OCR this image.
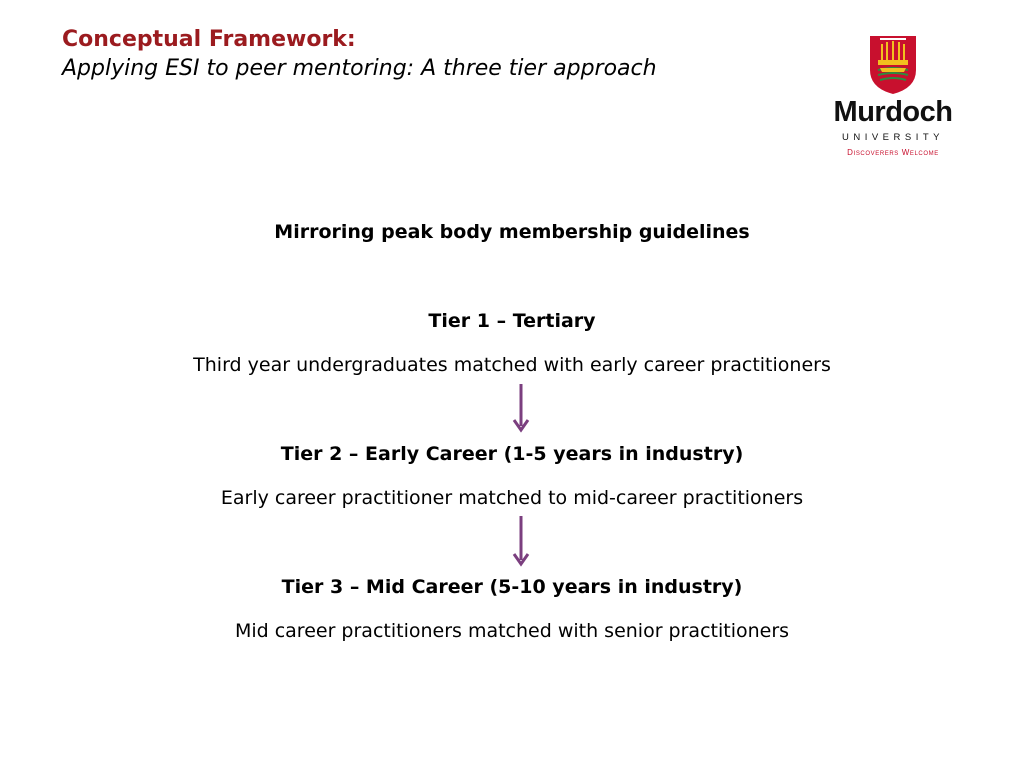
Conceptual Framework:
Applying ESI to peer mentoring: A three tier approach
Murdoch
UNIVERSITY
Discoverers Welcome
Mirroring peak body membership guidelines
Tier 1 – Tertiary
Third year undergraduates matched with early career practitioners
Tier 2 – Early Career (1-5 years in industry)
Early career practitioner matched to mid-career practitioners
Tier 3 – Mid Career (5-10 years in industry)
Mid career practitioners matched with senior practitioners
